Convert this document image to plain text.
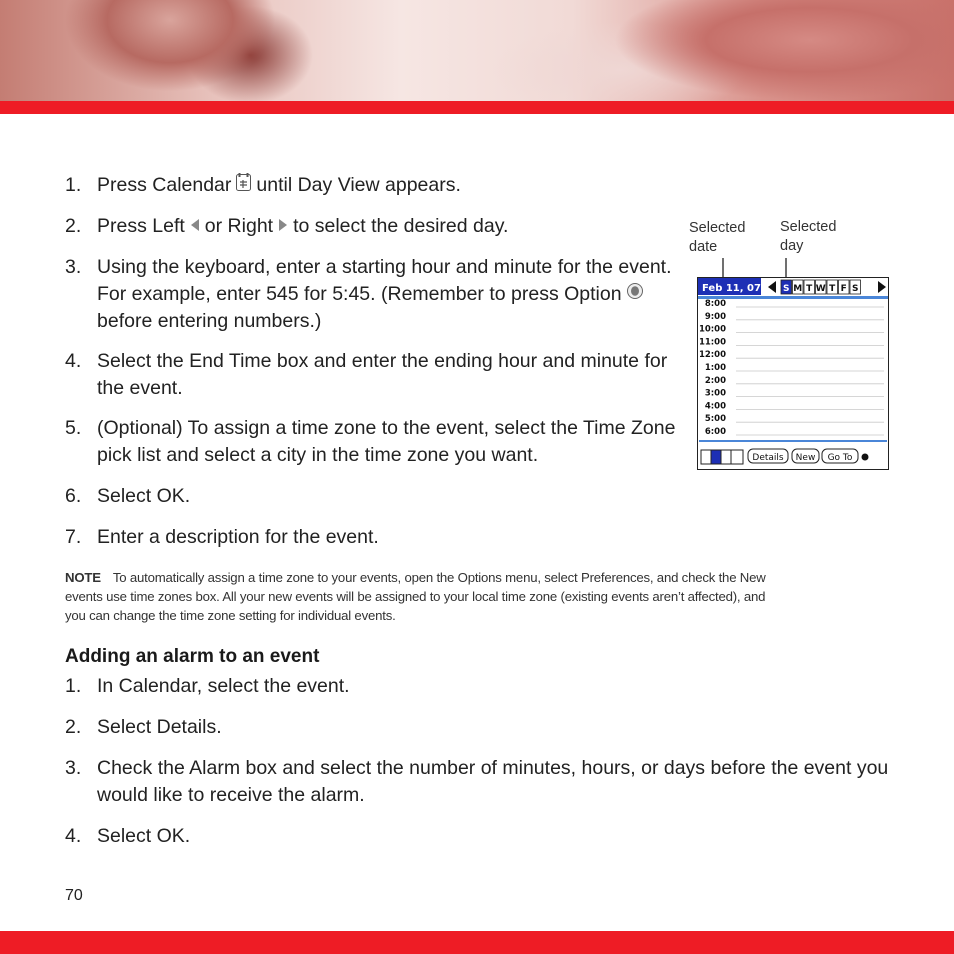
1. Press Calendar until Day View appears.
2. Press Left or Right to select the desired day.
3. Using the keyboard, enter a starting hour and minute for the event.
For example, enter 545 for 5:45. (Remember to press Option
before entering numbers.)
4. Select the End Time box and enter the ending hour and minute for
the event.
5. (Optional) To assign a time zone to the event, select the Time Zone
pick list and select a city in the time zone you want.
6. Select OK.
7. Enter a description for the event.
NOTE To automatically assign a time zone to your events, open the Options menu, select Preferences, and check the New
events use time zones box. All your new events will be assigned to your local time zone (existing events aren’t affected), and
you can change the time zone setting for individual events.
Adding an alarm to an event
1. In Calendar, select the event.
2. Select Details.
3. Check the Alarm box and select the number of minutes, hours, or days before the event you
would like to receive the alarm.
4. Select OK.
Selected
date
Selected
day
Feb 11, 07 S M T W T F S
8:00
9:00
10:00
11:00
12:00
1:00
2:00
3:00
4:00
5:00
6:00
Details New Go To
70
